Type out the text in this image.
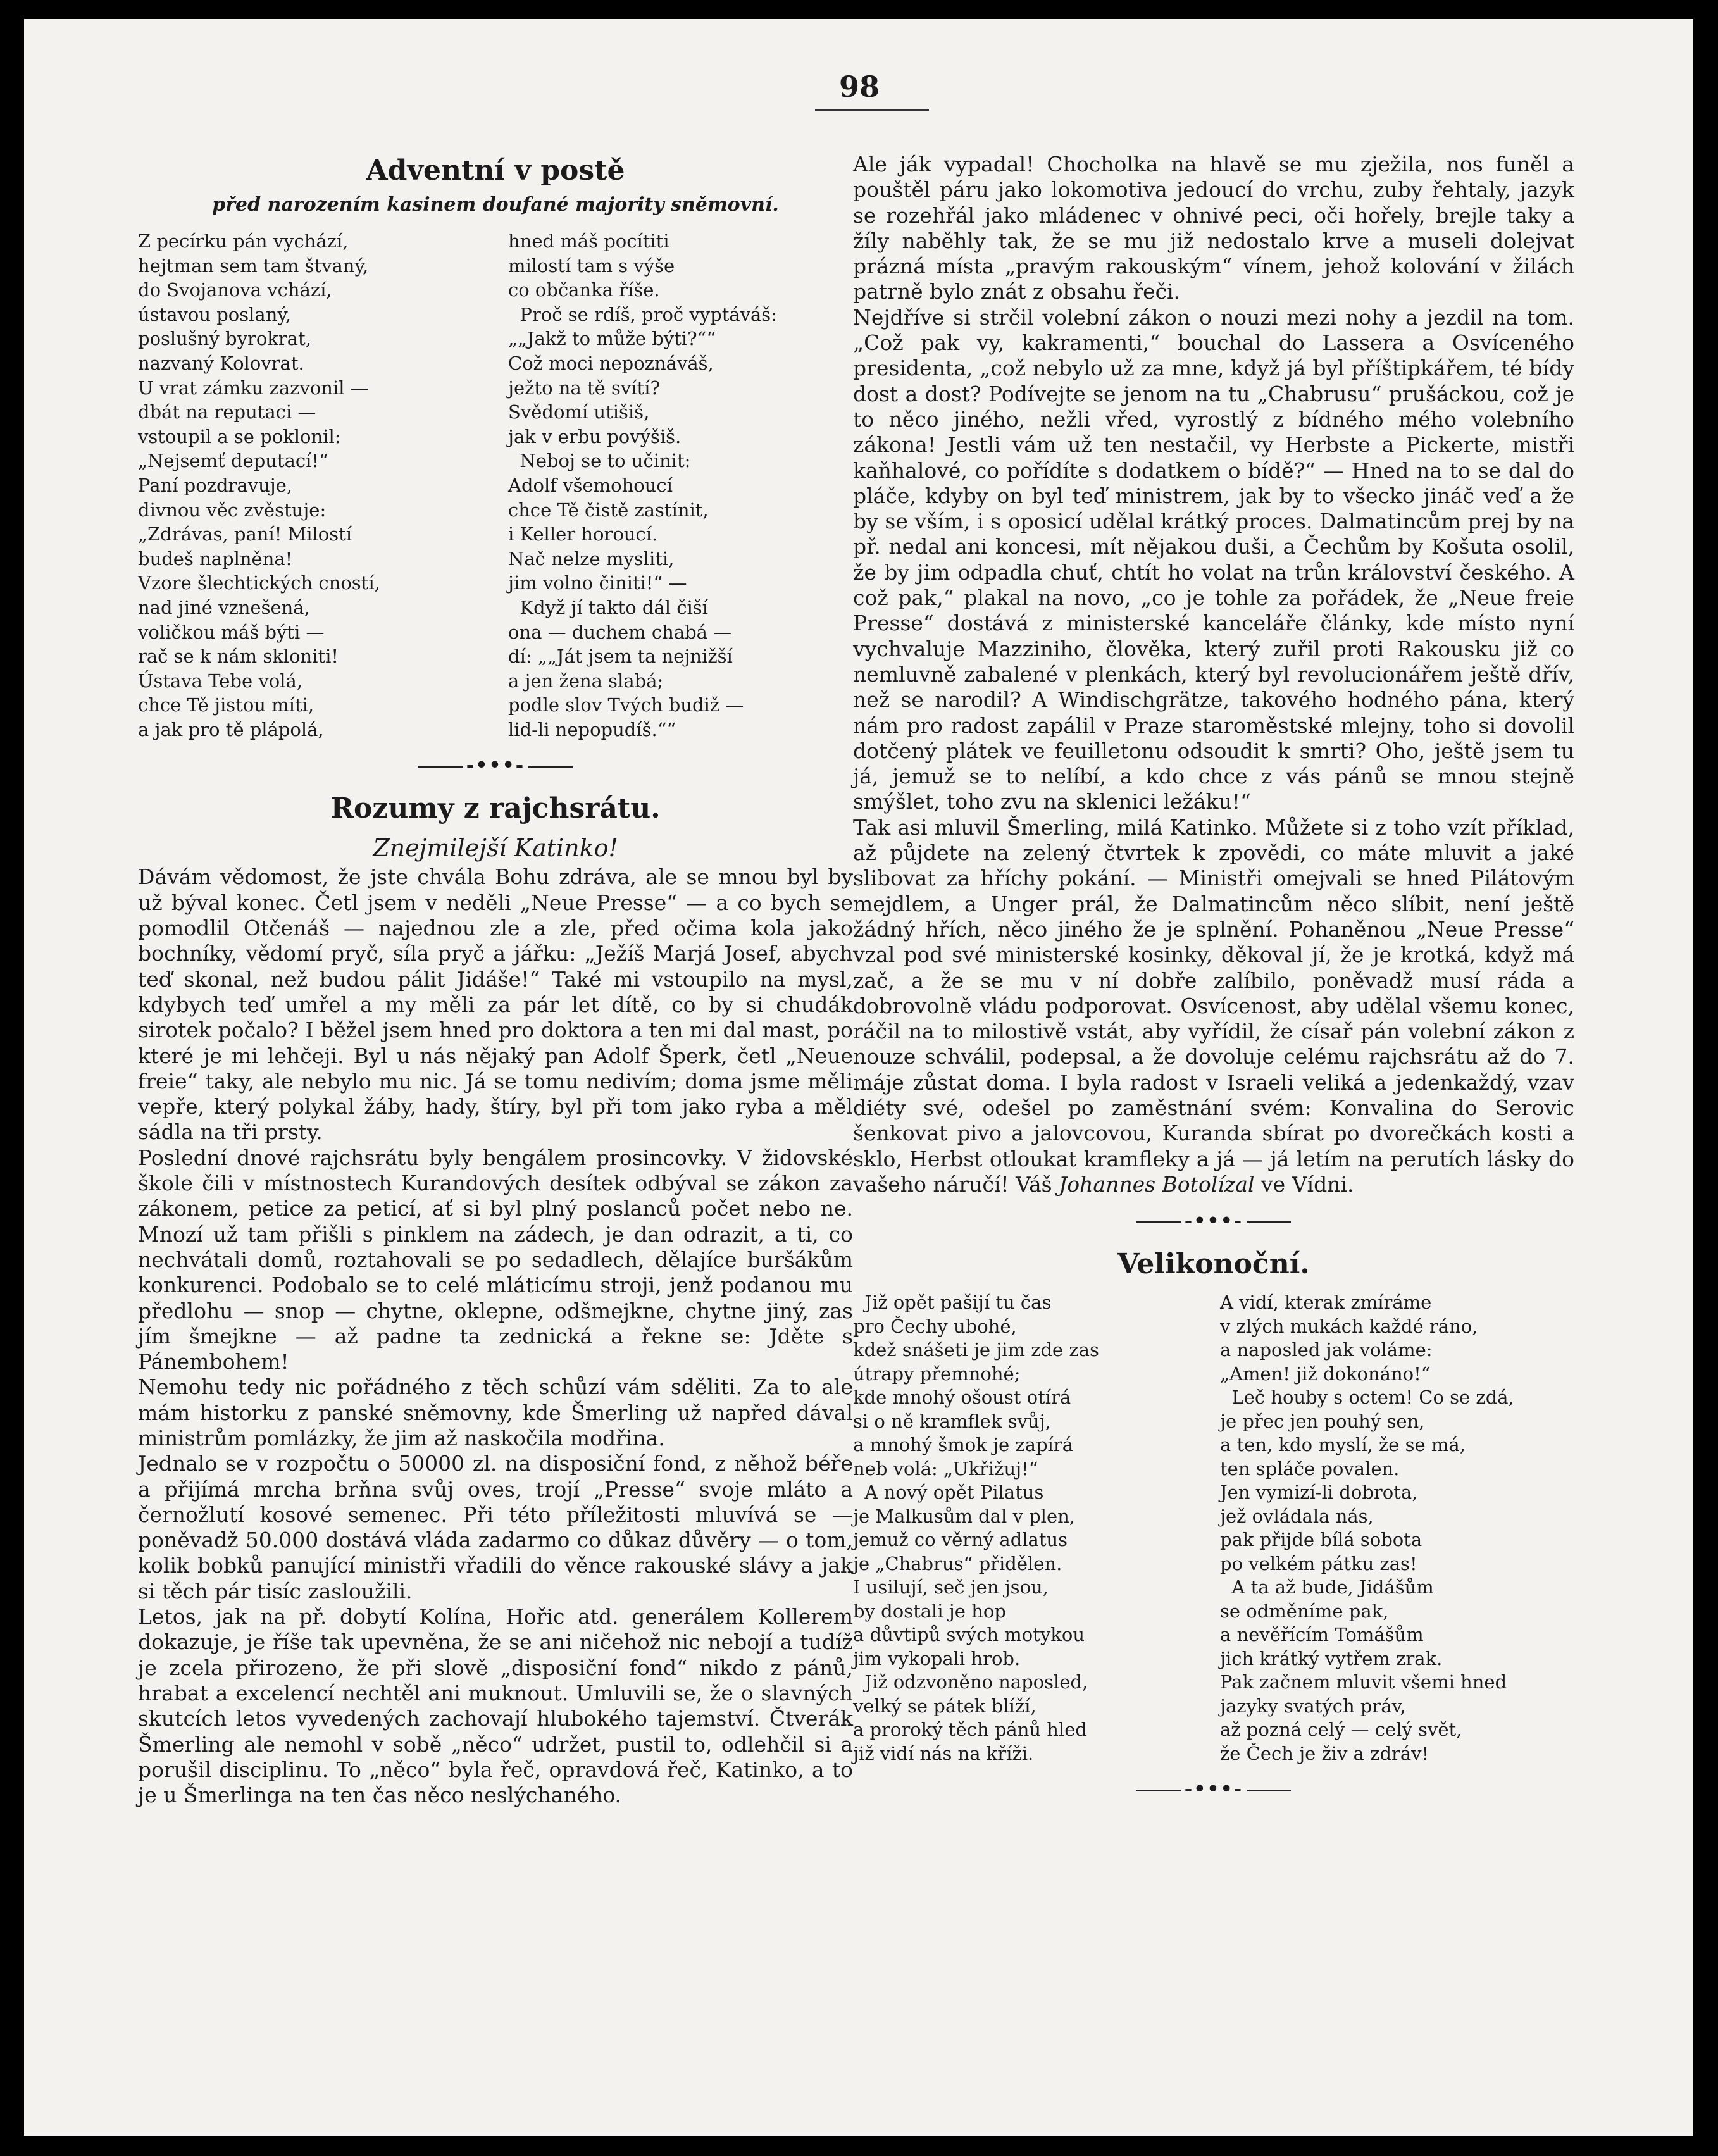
98
Adventní v postě
před narozením kasinem doufané majority sněmovní.
Z pecírku pán vychází,
hejtman sem tam štvaný,
do Svojanova vchází,
ústavou poslaný,
poslušný byrokrat,
nazvaný Kolovrat.
U vrat zámku zazvonil —
dbát na reputaci —
vstoupil a se poklonil:
„Nejsemť deputací!“
Paní pozdravuje,
divnou věc zvěstuje:
„Zdrávas, paní! Milostí
budeš naplněna!
Vzore šlechtických cností,
nad jiné vznešená,
voličkou máš býti —
rač se k nám skloniti!
Ústava Tebe volá,
chce Tě jistou míti,
a jak pro tě plápolá,
hned máš pocítiti
milostí tam s výše
co občanka říše.
Proč se rdíš, proč vyptáváš:
„„Jakž to může býti?““
Což moci nepoznáváš,
ježto na tě svítí?
Svědomí utišiš,
jak v erbu povýšiš.
Neboj se to učinit:
Adolf všemohoucí
chce Tě čistě zastínit,
i Keller horoucí.
Nač nelze mysliti,
jim volno činiti!“ —
Když jí takto dál čiší
ona — duchem chabá —
dí: „„Ját jsem ta nejnižší
a jen žena slabá;
podle slov Tvých budiž —
lid-li nepopudíš.““
-•••-
Rozumy z rajchsrátu.
Znejmilejší Katinko!
Dávám vědomost, že jste chvála Bohu zdráva, ale se mnou byl by už býval konec. Četl jsem v neděli „Neue Presse“ — a co bych se pomodlil Otčenáš — najednou zle a zle, před očima kola jako bochníky, vědomí pryč, síla pryč a jářku: „Ježíš Marjá Josef, abych teď skonal, než budou pálit Jidáše!“ Také mi vstoupilo na mysl, kdybych teď umřel a my měli za pár let dítě, co by si chudák sirotek počalo? I běžel jsem hned pro doktora a ten mi dal mast, po které je mi lehčeji. Byl u nás nějaký pan Adolf Šperk, četl „Neue freie“ taky, ale nebylo mu nic. Já se tomu nedivím; doma jsme měli vepře, který polykal žáby, hady, štíry, byl při tom jako ryba a měl sádla na tři prsty.
Poslední dnové rajchsrátu byly bengálem prosincovky. V židovské škole čili v místnostech Kurandových desítek odbýval se zákon za zákonem, petice za peticí, ať si byl plný poslanců počet nebo ne. Mnozí už tam přišli s pinklem na zádech, je dan odrazit, a ti, co nechvátali domů, roztahovali se po sedadlech, dělajíce buršákům konkurenci. Podobalo se to celé mláticímu stroji, jenž podanou mu předlohu — snop — chytne, oklepne, odšmejkne, chytne jiný, zas jím šmejkne — až padne ta zednická a řekne se: Jděte s Pánembohem!
Nemohu tedy nic pořádného z těch schůzí vám sděliti. Za to ale mám historku z panské sněmovny, kde Šmerling už napřed dával ministrům pomlázky, že jim až naskočila modřina.
Jednalo se v rozpočtu o 50000 zl. na disposiční fond, z něhož béře a přijímá mrcha brňna svůj oves, trojí „Presse“ svoje mláto a černožlutí kosové semenec. Při této příležitosti mluvívá se — poněvadž 50.000 dostává vláda zadarmo co důkaz důvěry — o tom, kolik bobků panující ministři vřadili do věnce rakouské slávy a jak si těch pár tisíc zasloužili.
Letos, jak na př. dobytí Kolína, Hořic atd. generálem Kollerem dokazuje, je říše tak upevněna, že se ani ničehož nic nebojí a tudíž je zcela přirozeno, že při slově „disposiční fond“ nikdo z pánů, hrabat a excelencí nechtěl ani muknout. Umluvili se, že o slavných skutcích letos vyvedených zachovají hlubokého tajemství. Čtverák Šmerling ale nemohl v sobě „něco“ udržet, pustil to, odlehčil si a porušil disciplinu. To „něco“ byla řeč, opravdová řeč, Katinko, a to je u Šmerlinga na ten čas něco neslýchaného.
Ale ják vypadal! Chocholka na hlavě se mu zježila, nos funěl a pouštěl páru jako lokomotiva jedoucí do vrchu, zuby řehtaly, jazyk se rozehřál jako mládenec v ohnivé peci, oči hořely, brejle taky a žíly naběhly tak, že se mu již nedostalo krve a museli dolejvat prázná místa „pravým rakouským“ vínem, jehož kolování v žilách patrně bylo znát z obsahu řeči.
Nejdříve si strčil volební zákon o nouzi mezi nohy a jezdil na tom. „Což pak vy, kakramenti,“ bouchal do Lassera a Osvíceného presidenta, „což nebylo už za mne, když já byl příštipkářem, té bídy dost a dost? Podívejte se jenom na tu „Chabrusu“ prušáckou, což je to něco jiného, nežli vřed, vyrostlý z bídného mého volebního zákona! Jestli vám už ten nestačil, vy Herbste a Pickerte, mistři kaňhalové, co pořídíte s dodatkem o bídě?“ — Hned na to se dal do pláče, kdyby on byl teď ministrem, jak by to všecko jináč veď a že by se vším, i s oposicí udělal krátký proces. Dalmatincům prej by na př. nedal ani koncesi, mít nějakou duši, a Čechům by Košuta osolil, že by jim odpadla chuť, chtít ho volat na trůn království českého. A což pak,“ plakal na novo, „co je tohle za pořádek, že „Neue freie Presse“ dostává z ministerské kanceláře články, kde místo nyní vychvaluje Mazziniho, člověka, který zuřil proti Rakousku již co nemluvně zabalené v plenkách, který byl revolucionářem ještě dřív, než se narodil? A Windischgrätze, takového hodného pána, který nám pro radost zapálil v Praze staroměstské mlejny, toho si dovolil dotčený plátek ve feuilletonu odsoudit k smrti? Oho, ještě jsem tu já, jemuž se to nelíbí, a kdo chce z vás pánů se mnou stejně smýšlet, toho zvu na sklenici ležáku!“
Tak asi mluvil Šmerling, milá Katinko. Můžete si z toho vzít příklad, až půjdete na zelený čtvrtek k zpovědi, co máte mluvit a jaké slibovat za hříchy pokání. — Ministři omejvali se hned Pilátovým mejdlem, a Unger prál, že Dalmatincům něco slíbit, není ještě žádný hřích, něco jiného že je splnění. Pohaněnou „Neue Presse“ vzal pod své ministerské kosinky, děkoval jí, že je krotká, když má zač, a že se mu v ní dobře zalíbilo, poněvadž musí ráda a dobrovolně vládu podporovat. Osvícenost, aby udělal všemu konec, ráčil na to milostivě vstát, aby vyřídil, že císař pán volební zákon z nouze schválil, podepsal, a že dovoluje celému rajchsrátu až do 7. máje zůstat doma. I byla radost v Israeli veliká a jedenkaždý, vzav diéty své, odešel po zaměstnání svém: Konvalina do Serovic šenkovat pivo a jalovcovou, Kuranda sbírat po dvorečkách kosti a sklo, Herbst otloukat kramfleky a já — já letím na perutích lásky do vašeho náručí! Váš Johannes Botolízal ve Vídni.
-•••-
Velikonoční.
Již opět pašijí tu čas
pro Čechy ubohé,
kdež snášeti je jim zde zas
útrapy přemnohé;
kde mnohý ošoust otírá
si o ně kramflek svůj,
a mnohý šmok je zapírá
neb volá: „Ukřižuj!“
A nový opět Pilatus
je Malkusům dal v plen,
jemuž co věrný adlatus
je „Chabrus“ přidělen.
I usilují, seč jen jsou,
by dostali je hop
a důvtipů svých motykou
jim vykopali hrob.
Již odzvoněno naposled,
velký se pátek blíží,
a proroký těch pánů hled
již vidí nás na kříži.
A vidí, kterak zmíráme
v zlých mukách každé ráno,
a naposled jak voláme:
„Amen! již dokonáno!“
Leč houby s octem! Co se zdá,
je přec jen pouhý sen,
a ten, kdo myslí, že se má,
ten spláče povalen.
Jen vymizí-li dobrota,
jež ovládala nás,
pak přijde bílá sobota
po velkém pátku zas!
A ta až bude, Jidášům
se odměníme pak,
a nevěřícím Tomášům
jich krátký vytřem zrak.
Pak začnem mluvit všemi hned
jazyky svatých práv,
až pozná celý — celý svět,
že Čech je živ a zdráv!
-•••-
